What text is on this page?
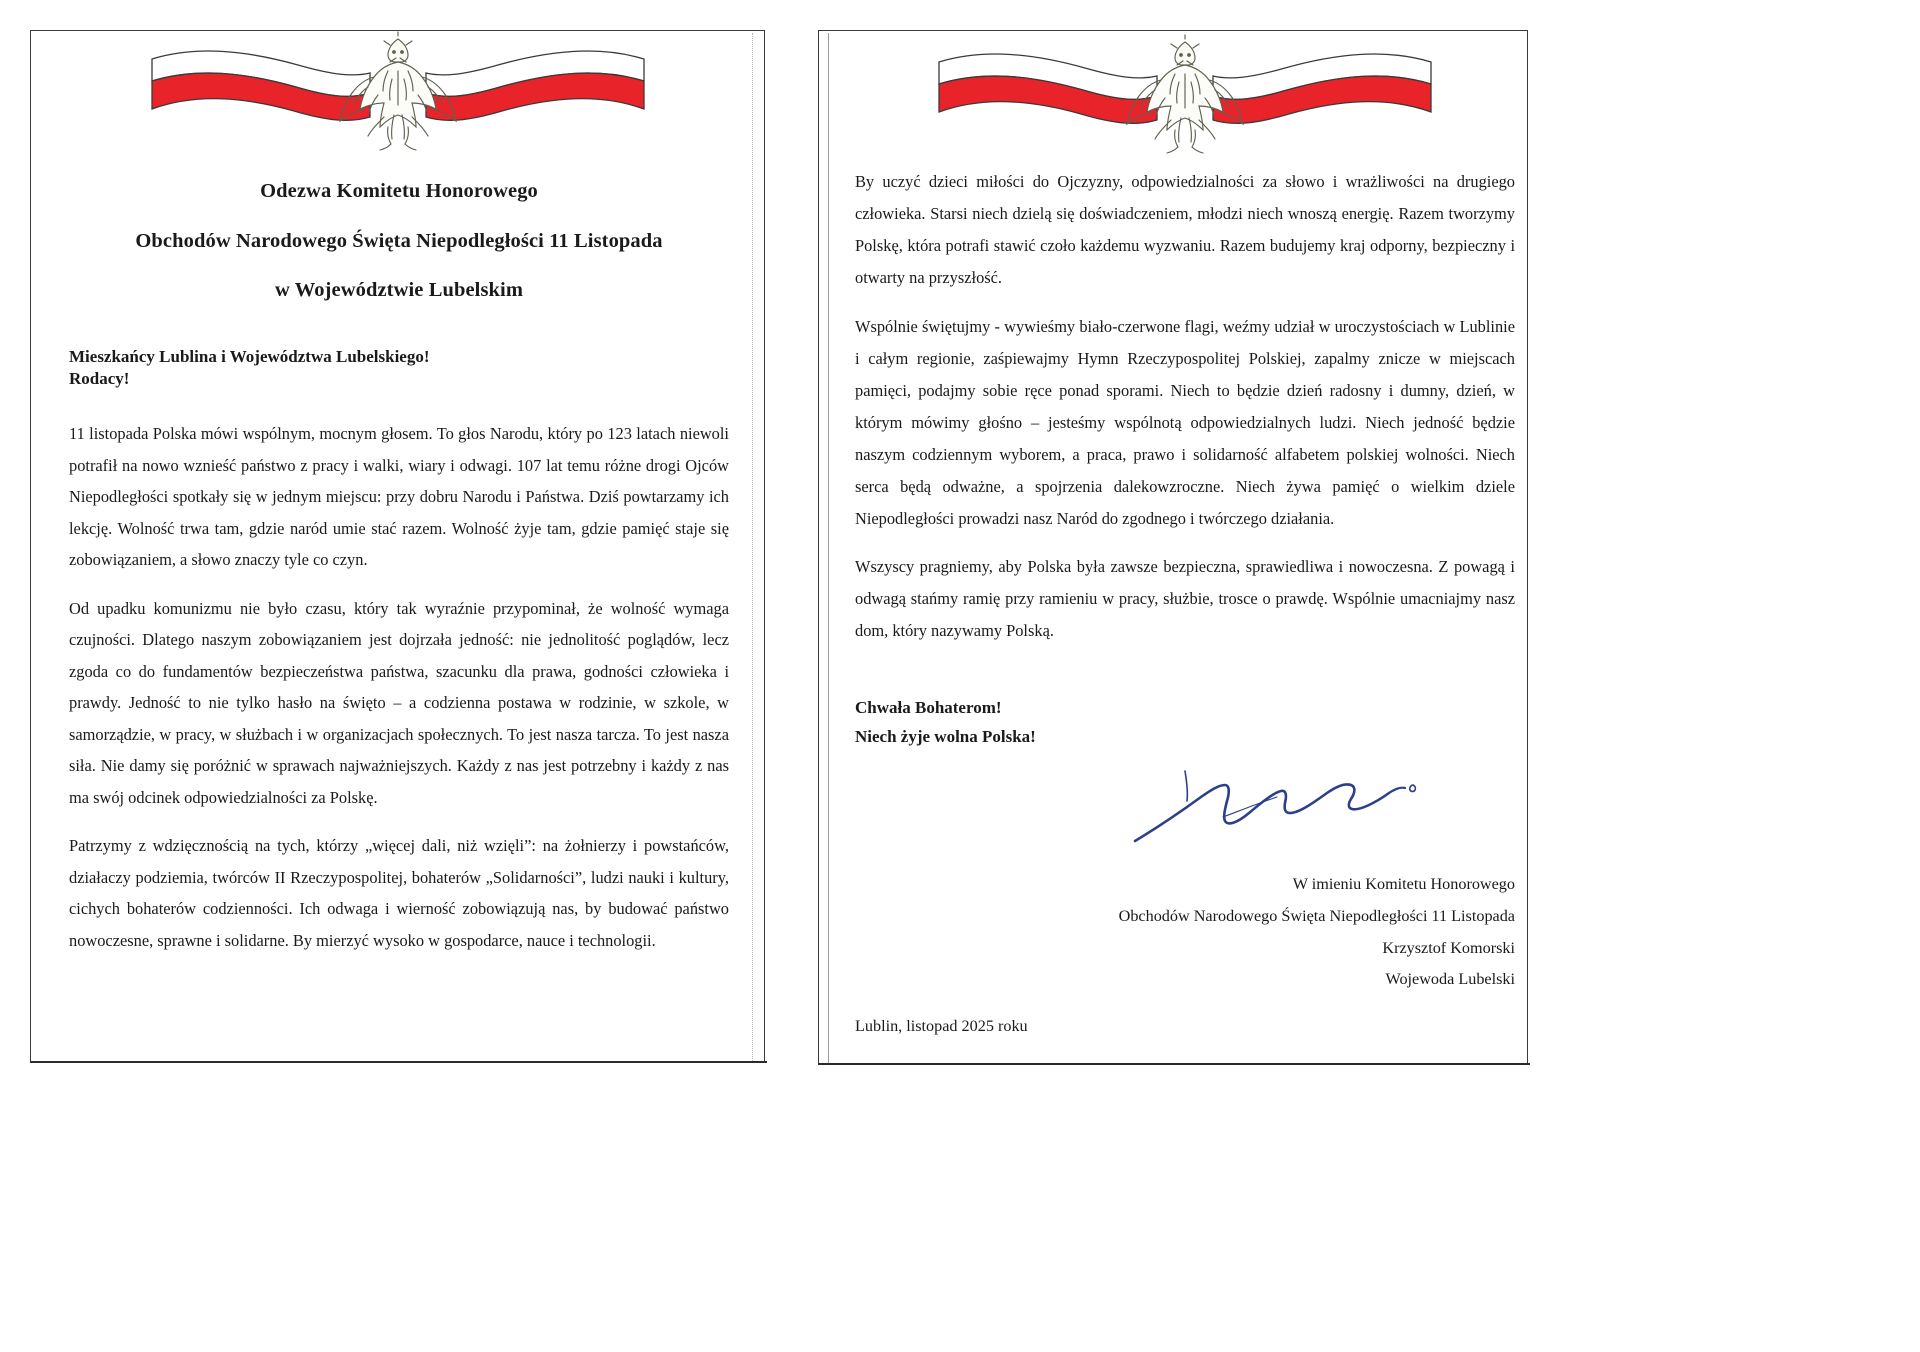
Odezwa Komitetu Honorowego
Obchodów Narodowego Święta Niepodległości 11 Listopada
w Województwie Lubelskim
Mieszkańcy Lublina i Województwa Lubelskiego!
Rodacy!

11 listopada Polska mówi wspólnym, mocnym głosem. To głos Narodu, który po 123 latach niewoli potrafił na nowo wznieść państwo z pracy i walki, wiary i odwagi. 107 lat temu różne drogi Ojców Niepodległości spotkały się w jednym miejscu: przy dobru Narodu i Państwa. Dziś powtarzamy ich lekcję. Wolność trwa tam, gdzie naród umie stać razem. Wolność żyje tam, gdzie pamięć staje się zobowiązaniem, a słowo znaczy tyle co czyn.

Od upadku komunizmu nie było czasu, który tak wyraźnie przypominał, że wolność wymaga czujności. Dlatego naszym zobowiązaniem jest dojrzała jedność: nie jednolitość poglądów, lecz zgoda co do fundamentów bezpieczeństwa państwa, szacunku dla prawa, godności człowieka i prawdy. Jedność to nie tylko hasło na święto – a codzienna postawa w rodzinie, w szkole, w samorządzie, w pracy, w służbach i w organizacjach społecznych. To jest nasza tarcza. To jest nasza siła. Nie damy się poróżnić w sprawach najważniejszych. Każdy z nas jest potrzebny i każdy z nas ma swój odcinek odpowiedzialności za Polskę.

Patrzymy z wdzięcznością na tych, którzy „więcej dali, niż wzięli”: na żołnierzy i powstańców, działaczy podziemia, twórców II Rzeczypospolitej, bohaterów „Solidarności”, ludzi nauki i kultury, cichych bohaterów codzienności. Ich odwaga i wierność zobowiązują nas, by budować państwo nowoczesne, sprawne i solidarne. By mierzyć wysoko w gospodarce, nauce i technologii.

By uczyć dzieci miłości do Ojczyzny, odpowiedzialności za słowo i wrażliwości na drugiego człowieka. Starsi niech dzielą się doświadczeniem, młodzi niech wnoszą energię. Razem tworzymy Polskę, która potrafi stawić czoło każdemu wyzwaniu. Razem budujemy kraj odporny, bezpieczny i otwarty na przyszłość.

Wspólnie świętujmy - wywieśmy biało-czerwone flagi, weźmy udział w uroczystościach w Lublinie i całym regionie, zaśpiewajmy Hymn Rzeczypospolitej Polskiej, zapalmy znicze w miejscach pamięci, podajmy sobie ręce ponad sporami. Niech to będzie dzień radosny i dumny, dzień, w którym mówimy głośno – jesteśmy wspólnotą odpowiedzialnych ludzi. Niech jedność będzie naszym codziennym wyborem, a praca, prawo i solidarność alfabetem polskiej wolności. Niech serca będą odważne, a spojrzenia dalekowzroczne. Niech żywa pamięć o wielkim dziele Niepodległości prowadzi nasz Naród do zgodnego i twórczego działania.

Wszyscy pragniemy, aby Polska była zawsze bezpieczna, sprawiedliwa i nowoczesna. Z powagą i odwagą stańmy ramię przy ramieniu w pracy, służbie, trosce o prawdę. Wspólnie umacniajmy nasz dom, który nazywamy Polską.

Chwała Bohaterom!
Niech żyje wolna Polska!
W imieniu Komitetu Honorowego
Obchodów Narodowego Święta Niepodległości 11 Listopada
Krzysztof Komorski
Wojewoda Lubelski
Lublin, listopad 2025 roku
